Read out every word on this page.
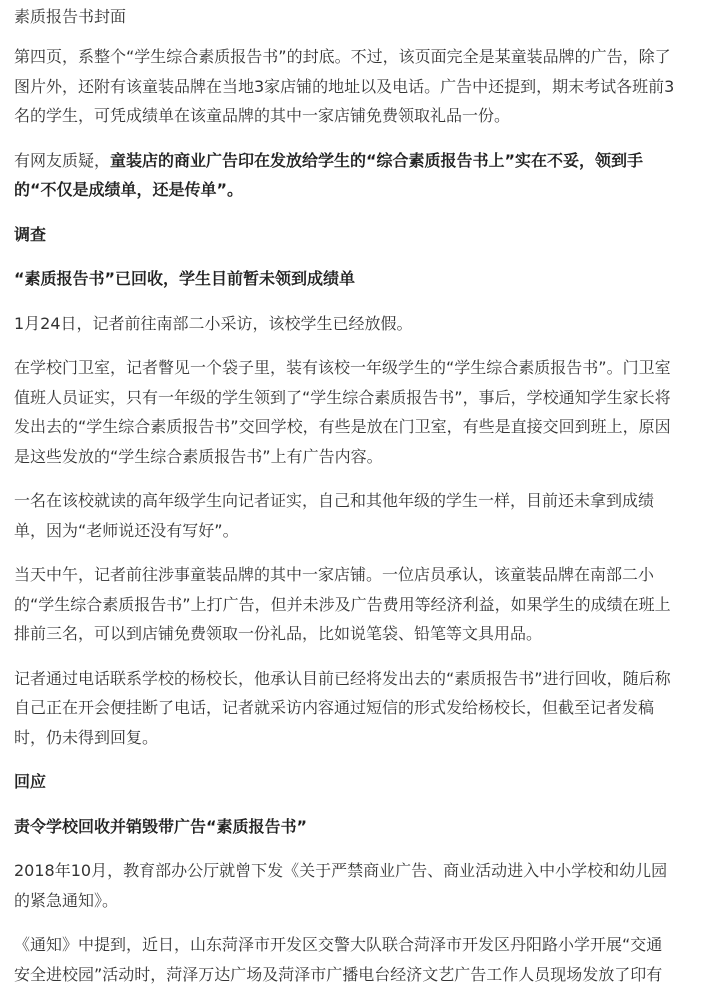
素质报告书封面

第四页，系整个“学生综合素质报告书”的封底。不过，该页面完全是某童装品牌的广告，除了图片外，还附有该童装品牌在当地3家店铺的地址以及电话。广告中还提到，期末考试各班前3名的学生，可凭成绩单在该童品牌的其中一家店铺免费领取礼品一份。

有网友质疑，童装店的商业广告印在发放给学生的“综合素质报告书上”实在不妥，领到手的“不仅是成绩单，还是传单”。

调查

“素质报告书”已回收，学生目前暂未领到成绩单

1月24日，记者前往南部二小采访，该校学生已经放假。

在学校门卫室，记者瞥见一个袋子里，装有该校一年级学生的“学生综合素质报告书”。门卫室值班人员证实，只有一年级的学生领到了“学生综合素质报告书”，事后，学校通知学生家长将发出去的“学生综合素质报告书”交回学校，有些是放在门卫室，有些是直接交回到班上，原因是这些发放的“学生综合素质报告书”上有广告内容。

一名在该校就读的高年级学生向记者证实，自己和其他年级的学生一样，目前还未拿到成绩单，因为“老师说还没有写好”。

当天中午，记者前往涉事童装品牌的其中一家店铺。一位店员承认，该童装品牌在南部二小的“学生综合素质报告书”上打广告，但并未涉及广告费用等经济利益，如果学生的成绩在班上排前三名，可以到店铺免费领取一份礼品，比如说笔袋、铅笔等文具用品。

记者通过电话联系学校的杨校长，他承认目前已经将发出去的“素质报告书”进行回收，随后称自己正在开会便挂断了电话，记者就采访内容通过短信的形式发给杨校长，但截至记者发稿时，仍未得到回复。

回应

责令学校回收并销毁带广告“素质报告书”

2018年10月，教育部办公厅就曾下发《关于严禁商业广告、商业活动进入中小学校和幼儿园的紧急通知》。

《通知》中提到，近日，山东菏泽市开发区交警大队联合菏泽市开发区丹阳路小学开展“交通安全进校园”活动时，菏泽万达广场及菏泽市广播电台经济文艺广告工作人员现场发放了印有
